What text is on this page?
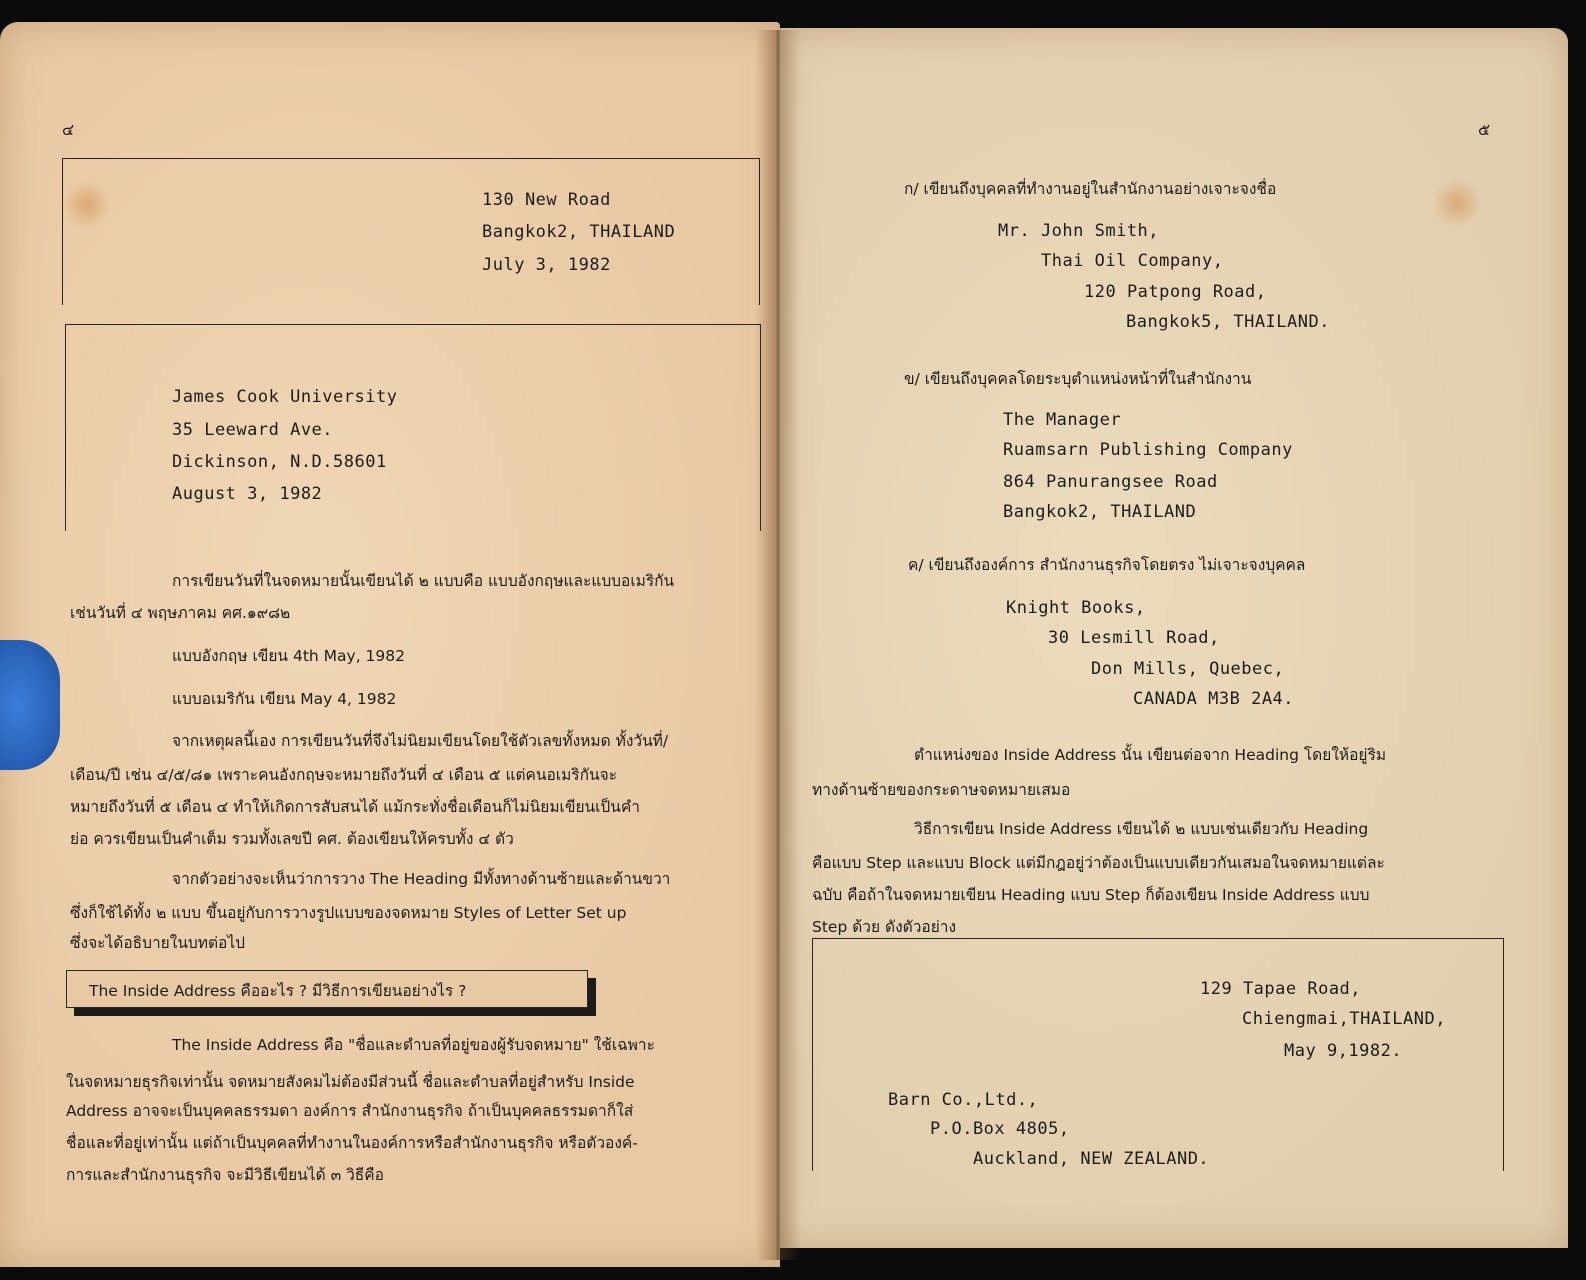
๔
130 New Road
Bangkok2, THAILAND
July 3, 1982
James Cook University
35 Leeward Ave.
Dickinson, N.D.58601
August 3, 1982
การเขียนวันที่ในจดหมายนั้นเขียนได้ ๒ แบบคือ แบบอังกฤษและแบบอเมริกัน
เช่นวันที่ ๔ พฤษภาคม คศ.๑๙๘๒
แบบอังกฤษ เขียน 4th May, 1982
แบบอเมริกัน เขียน May 4, 1982
จากเหตุผลนี้เอง การเขียนวันที่จึงไม่นิยมเขียนโดยใช้ตัวเลขทั้งหมด ทั้งวันที่/
เดือน/ปี เช่น ๔/๕/๘๑ เพราะคนอังกฤษจะหมายถึงวันที่ ๔ เดือน ๕ แต่คนอเมริกันจะ
หมายถึงวันที่ ๕ เดือน ๔ ทำให้เกิดการสับสนได้ แม้กระทั่งชื่อเดือนก็ไม่นิยมเขียนเป็นคำ
ย่อ ควรเขียนเป็นคำเต็ม รวมทั้งเลขปี คศ. ต้องเขียนให้ครบทั้ง ๔ ตัว
จากตัวอย่างจะเห็นว่าการวาง The Heading มีทั้งทางด้านซ้ายและด้านขวา
ซึ่งก็ใช้ได้ทั้ง ๒ แบบ ขึ้นอยู่กับการวางรูปแบบของจดหมาย Styles of Letter Set up
ซึ่งจะได้อธิบายในบทต่อไป
The Inside Address คืออะไร ? มีวิธีการเขียนอย่างไร ?
The Inside Address คือ "ชื่อและตำบลที่อยู่ของผู้รับจดหมาย" ใช้เฉพาะ
ในจดหมายธุรกิจเท่านั้น จดหมายสังคมไม่ต้องมีส่วนนี้ ชื่อและตำบลที่อยู่สำหรับ Inside
Address อาจจะเป็นบุคคลธรรมดา องค์การ สำนักงานธุรกิจ ถ้าเป็นบุคคลธรรมดาก็ใส่
ชื่อและที่อยู่เท่านั้น แต่ถ้าเป็นบุคคลที่ทำงานในองค์การหรือสำนักงานธุรกิจ หรือตัวองค์-
การและสำนักงานธุรกิจ จะมีวิธีเขียนได้ ๓ วิธีคือ
๕
ก/ เขียนถึงบุคคลที่ทำงานอยู่ในสำนักงานอย่างเจาะจงชื่อ
Mr. John Smith,
Thai Oil Company,
120 Patpong Road,
Bangkok5, THAILAND.
ข/ เขียนถึงบุคคลโดยระบุตำแหน่งหน้าที่ในสำนักงาน
The Manager
Ruamsarn Publishing Company
864 Panurangsee Road
Bangkok2, THAILAND
ค/ เขียนถึงองค์การ สำนักงานธุรกิจโดยตรง ไม่เจาะจงบุคคล
Knight Books,
30 Lesmill Road,
Don Mills, Quebec,
CANADA M3B 2A4.
ตำแหน่งของ Inside Address นั้น เขียนต่อจาก Heading โดยให้อยู่ริม
ทางด้านซ้ายของกระดาษจดหมายเสมอ
วิธีการเขียน Inside Address เขียนได้ ๒ แบบเช่นเดียวกับ Heading
คือแบบ Step และแบบ Block แต่มีกฎอยู่ว่าต้องเป็นแบบเดียวกันเสมอในจดหมายแต่ละ
ฉบับ คือถ้าในจดหมายเขียน Heading แบบ Step ก็ต้องเขียน Inside Address แบบ
Step ด้วย ดังตัวอย่าง
129 Tapae Road,
Chiengmai,THAILAND,
May 9,1982.
Barn Co.,Ltd.,
P.O.Box 4805,
Auckland, NEW ZEALAND.
